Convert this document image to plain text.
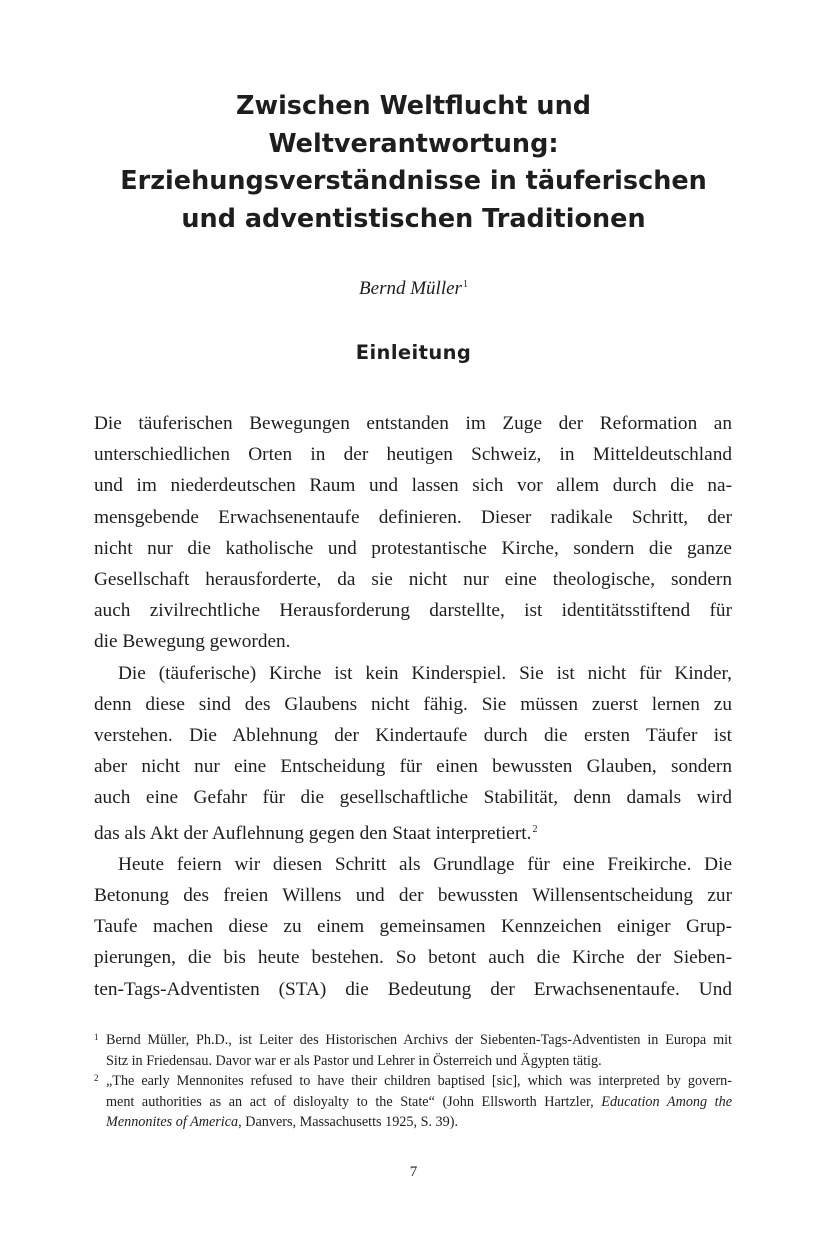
Zwischen Weltflucht und
Weltverantwortung:
Erziehungsverständnisse in täuferischen
und adventistischen Traditionen
Bernd Müller$^1$
Einleitung

Die täuferischen Bewegungen entstanden im Zuge der Reformation an
unterschiedlichen Orten in der heutigen Schweiz, in Mitteldeutschland
und im niederdeutschen Raum und lassen sich vor allem durch die na-
mensgebende Erwachsenentaufe definieren. Dieser radikale Schritt, der
nicht nur die katholische und protestantische Kirche, sondern die ganze
Gesellschaft herausforderte, da sie nicht nur eine theologische, sondern
auch zivilrechtliche Herausforderung darstellte, ist identitätsstiftend für
die Bewegung geworden.

Die (täuferische) Kirche ist kein Kinderspiel. Sie ist nicht für Kinder,
denn diese sind des Glaubens nicht fähig. Sie müssen zuerst lernen zu
verstehen. Die Ablehnung der Kindertaufe durch die ersten Täufer ist
aber nicht nur eine Entscheidung für einen bewussten Glauben, sondern
auch eine Gefahr für die gesellschaftliche Stabilität, denn damals wird
das als Akt der Auflehnung gegen den Staat interpretiert.$^2$

Heute feiern wir diesen Schritt als Grundlage für eine Freikirche. Die
Betonung des freien Willens und der bewussten Willensentscheidung zur
Taufe machen diese zu einem gemeinsamen Kennzeichen einiger Grup-
pierungen, die bis heute bestehen. So betont auch die Kirche der Sieben-
ten-Tags-Adventisten (STA) die Bedeutung der Erwachsenentaufe. Und

1 Bernd Müller, Ph.D., ist Leiter des Historischen Archivs der Siebenten-Tags-Adventisten in Europa mit
Sitz in Friedensau. Davor war er als Pastor und Lehrer in Österreich und Ägypten tätig.
2 „The early Mennonites refused to have their children baptised [sic], which was interpreted by govern-
ment authorities as an act of disloyalty to the State“ (John Ellsworth Hartzler, Education Among the
Mennonites of America, Danvers, Massachusetts 1925, S. 39).
7
